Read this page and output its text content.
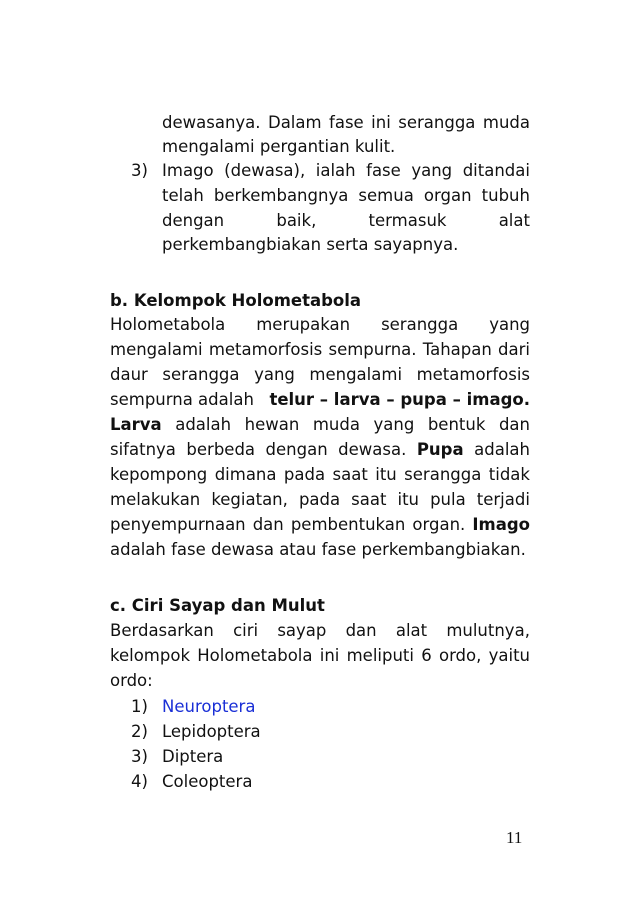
dewasanya. Dalam fase ini serangga muda
mengalami pergantian kulit.
3) Imago (dewasa), ialah fase yang ditandai
telah berkembangnya semua organ tubuh
dengan	baik,	termasuk	alat
perkembangbiakan serta sayapnya.
b. Kelompok Holometabola
Holometabola merupakan serangga yang
mengalami metamorfosis sempurna. Tahapan dari
daur serangga yang mengalami metamorfosis
sempurna adalah telur – larva – pupa – imago.
Larva adalah hewan muda yang bentuk dan
sifatnya berbeda dengan dewasa. Pupa adalah
kepompong dimana pada saat itu serangga tidak
melakukan kegiatan, pada saat itu pula terjadi
penyempurnaan dan pembentukan organ. Imago
adalah fase dewasa atau fase perkembangbiakan.
c. Ciri Sayap dan Mulut
Berdasarkan ciri sayap dan alat mulutnya,
kelompok Holometabola ini meliputi 6 ordo, yaitu
ordo:
1) Neuroptera
2) Lepidoptera
3) Diptera
4) Coleoptera
11
